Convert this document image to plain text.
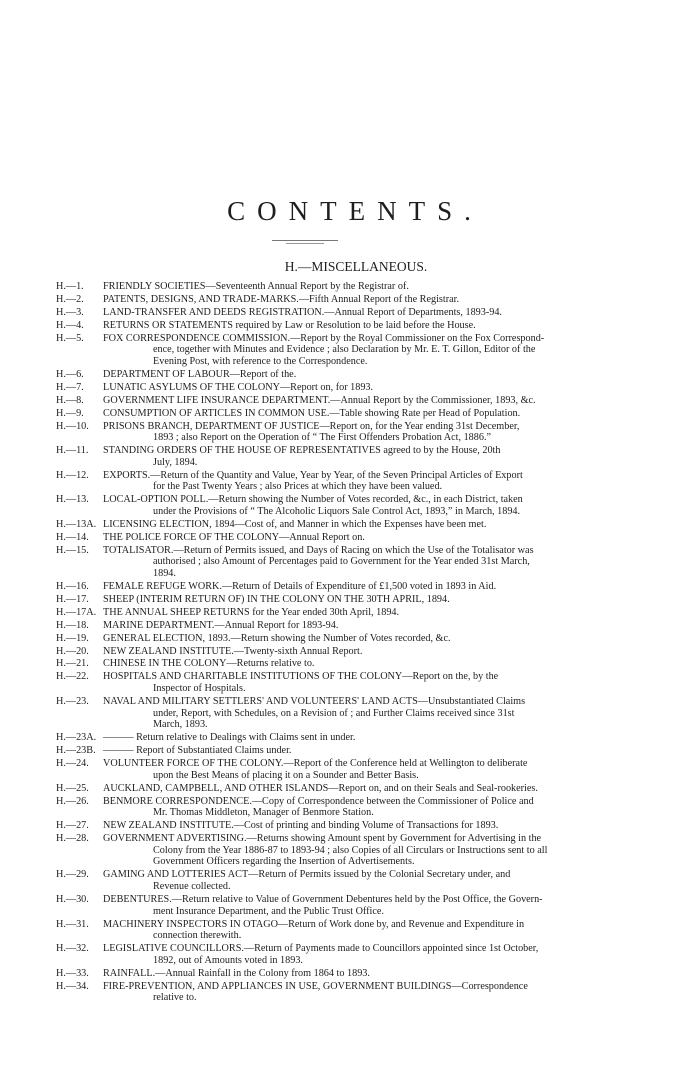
CONTENTS.
H.—MISCELLANEOUS.
H.—1.	FRIENDLY SOCIETIES—Seventeenth Annual Report by the Registrar of.
H.—2.	PATENTS, DESIGNS, AND TRADE-MARKS.—Fifth Annual Report of the Registrar.
H.—3.	LAND-TRANSFER AND DEEDS REGISTRATION.—Annual Report of Departments, 1893-94.
H.—4.	RETURNS OR STATEMENTS required by Law or Resolution to be laid before the House.
H.—5.	FOX CORRESPONDENCE COMMISSION.—Report by the Royal Commissioner on the Fox Correspond-
ence, together with Minutes and Evidence ; also Declaration by Mr. E. T. Gillon, Editor of the
Evening Post, with reference to the Correspondence.
H.—6.	DEPARTMENT OF LABOUR—Report of the.
H.—7.	LUNATIC ASYLUMS OF THE COLONY—Report on, for 1893.
H.—8.	GOVERNMENT LIFE INSURANCE DEPARTMENT.—Annual Report by the Commissioner, 1893, &c.
H.—9.	CONSUMPTION OF ARTICLES IN COMMON USE.—Table showing Rate per Head of Population.
H.—10.	PRISONS BRANCH, DEPARTMENT OF JUSTICE—Report on, for the Year ending 31st December,
1893 ; also Report on the Operation of “ The First Offenders Probation Act, 1886.”
H.—11.	STANDING ORDERS OF THE HOUSE OF REPRESENTATIVES agreed to by the House, 20th
July, 1894.
H.—12.	EXPORTS.—Return of the Quantity and Value, Year by Year, of the Seven Principal Articles of Export
for the Past Twenty Years ; also Prices at which they have been valued.
H.—13.	LOCAL-OPTION POLL.—Return showing the Number of Votes recorded, &c., in each District, taken
under the Provisions of “ The Alcoholic Liquors Sale Control Act, 1893,” in March, 1894.
H.—13A. LICENSING ELECTION, 1894—Cost of, and Manner in which the Expenses have been met.
H.—14.	THE POLICE FORCE OF THE COLONY—Annual Report on.
H.—15.	TOTALISATOR.—Return of Permits issued, and Days of Racing on which the Use of the Totalisator was
authorised ; also Amount of Percentages paid to Government for the Year ended 31st March,
1894.
H.—16.	FEMALE REFUGE WORK.—Return of Details of Expenditure of £1,500 voted in 1893 in Aid.
H.—17.	SHEEP (INTERIM RETURN OF) IN THE COLONY ON THE 30TH APRIL, 1894.
H.—17A. THE ANNUAL SHEEP RETURNS for the Year ended 30th April, 1894.
H.—18.	MARINE DEPARTMENT.—Annual Report for 1893-94.
H.—19.	GENERAL ELECTION, 1893.—Return showing the Number of Votes recorded, &c.
H.—20.	NEW ZEALAND INSTITUTE.—Twenty-sixth Annual Report.
H.—21.	CHINESE IN THE COLONY—Returns relative to.
H.—22.	HOSPITALS AND CHARITABLE INSTITUTIONS OF THE COLONY—Report on the, by the
Inspector of Hospitals.
H.—23.	NAVAL AND MILITARY SETTLERS' AND VOLUNTEERS' LAND ACTS—Unsubstantiated Claims
under, Report, with Schedules, on a Revision of ; and Further Claims received since 31st
March, 1893.
H.—23A. ——— Return relative to Dealings with Claims sent in under.
H.—23B. ——— Report of Substantiated Claims under.
H.—24.	VOLUNTEER FORCE OF THE COLONY.—Report of the Conference held at Wellington to deliberate
upon the Best Means of placing it on a Sounder and Better Basis.
H.—25.	AUCKLAND, CAMPBELL, AND OTHER ISLANDS—Report on, and on their Seals and Seal-rookeries.
H.—26.	BENMORE CORRESPONDENCE.—Copy of Correspondence between the Commissioner of Police and
Mr. Thomas Middleton, Manager of Benmore Station.
H.—27.	NEW ZEALAND INSTITUTE.—Cost of printing and binding Volume of Transactions for 1893.
H.—28.	GOVERNMENT ADVERTISING.—Returns showing Amount spent by Government for Advertising in the
Colony from the Year 1886-87 to 1893-94 ; also Copies of all Circulars or Instructions sent to all
Government Officers regarding the Insertion of Advertisements.
H.—29.	GAMING AND LOTTERIES ACT—Return of Permits issued by the Colonial Secretary under, and
Revenue collected.
H.—30.	DEBENTURES.—Return relative to Value of Government Debentures held by the Post Office, the Govern-
ment Insurance Department, and the Public Trust Office.
H.—31.	MACHINERY INSPECTORS IN OTAGO—Return of Work done by, and Revenue and Expenditure in
connection therewith.
H.—32.	LEGISLATIVE COUNCILLORS.—Return of Payments made to Councillors appointed since 1st October,
1892, out of Amounts voted in 1893.
H.—33.	RAINFALL.—Annual Rainfall in the Colony from 1864 to 1893.
H.—34.	FIRE-PREVENTION, AND APPLIANCES IN USE, GOVERNMENT BUILDINGS—Correspondence
relative to.
